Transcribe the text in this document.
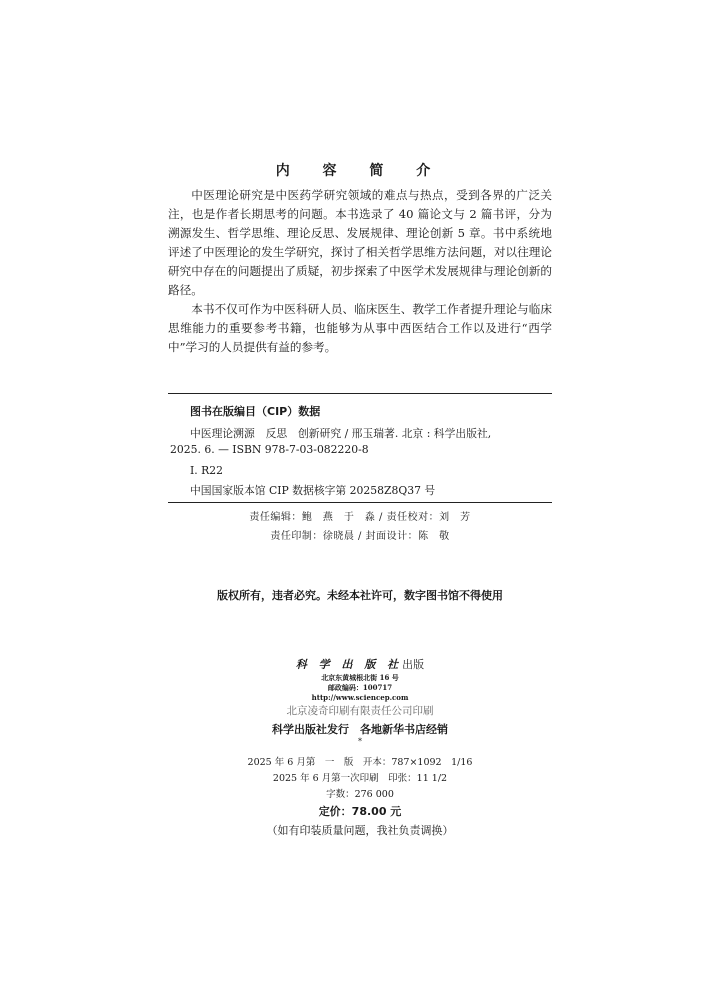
内 容 简 介

中医理论研究是中医药学研究领域的难点与热点，受到各界的广泛关注，也是作者长期思考的问题。本书选录了 40 篇论文与 2 篇书评，分为溯源发生、哲学思维、理论反思、发展规律、理论创新 5 章。书中系统地评述了中医理论的发生学研究，探讨了相关哲学思维方法问题，对以往理论研究中存在的问题提出了质疑，初步探索了中医学术发展规律与理论创新的路径。

本书不仅可作为中医科研人员、临床医生、教学工作者提升理论与临床思维能力的重要参考书籍，也能够为从事中西医结合工作以及进行“西学中”学习的人员提供有益的参考。

图书在版编目（CIP）数据
中医理论溯源　反思　创新研究 / 邢玉瑞著. 北京 : 科学出版社,
2025. 6. — ISBN 978-7-03-082220-8
Ⅰ. R22
中国国家版本馆 CIP 数据核字第 20258Z8Q37 号
责任编辑：鲍　燕　于　淼 / 责任校对：刘　芳
责任印制：徐晓晨 / 封面设计：陈　敬
版权所有，违者必究。未经本社许可，数字图书馆不得使用
科 学 出 版 社出版
北京东黄城根北街 16 号
邮政编码：100717
http://www.sciencep.com
北京凌奇印刷有限责任公司印刷
科学出版社发行　各地新华书店经销
*
2025 年 6 月第　一　版　开本：787×1092　1/16
2025 年 6 月第一次印刷　印张：11 1/2
字数：276 000
定价：78.00 元
（如有印装质量问题，我社负责调换）
